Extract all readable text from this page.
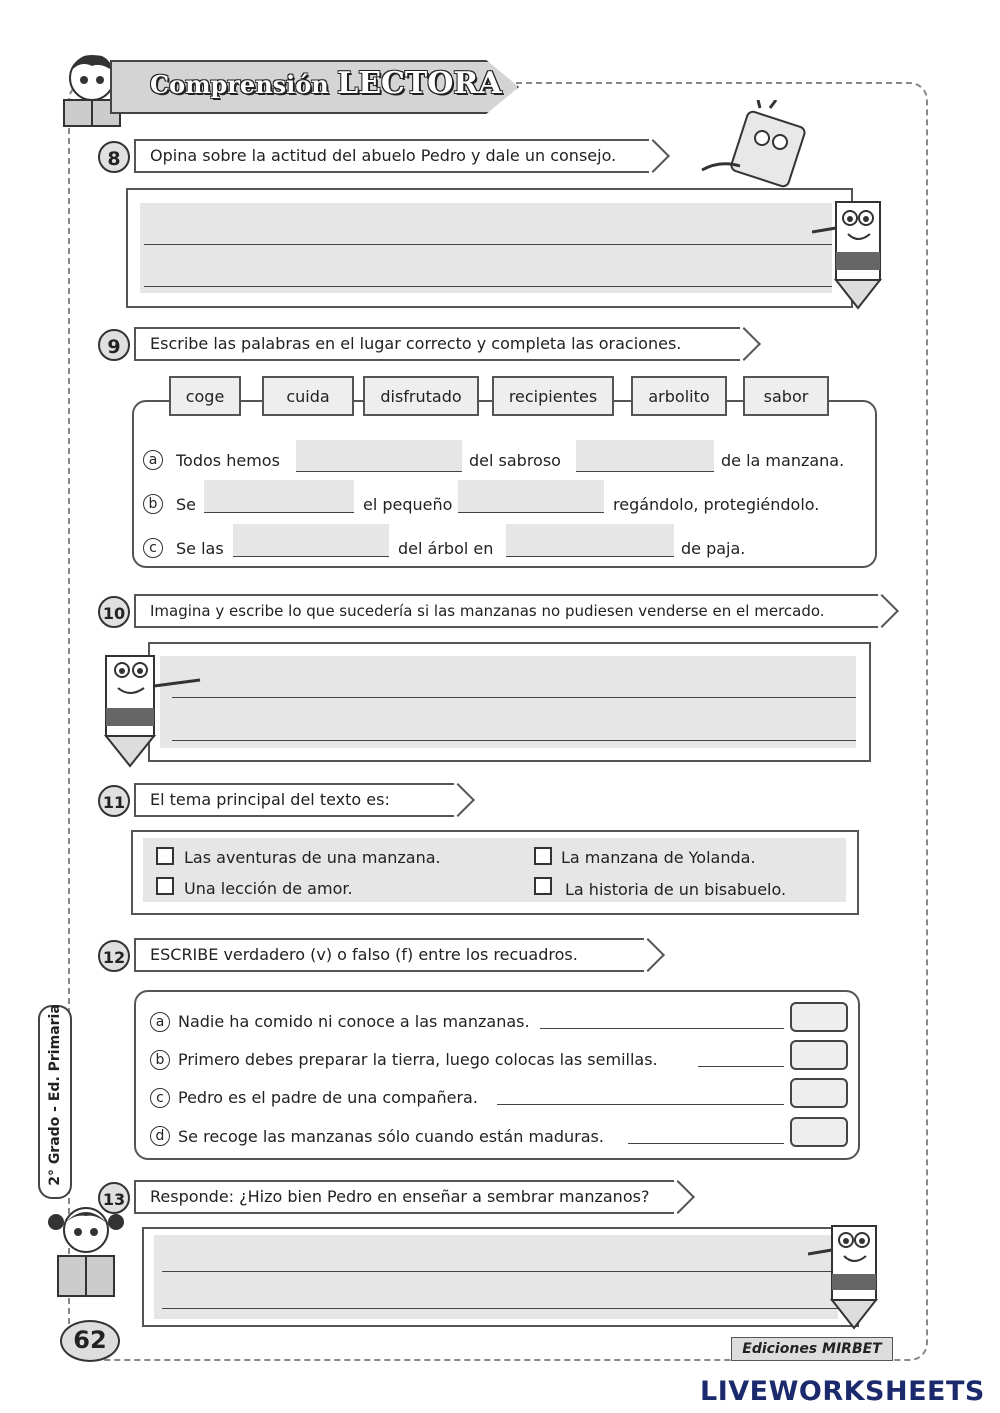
Comprensión LECTORA
8	Opina sobre la actitud del abuelo Pedro y dale un consejo.
9	Escribe las palabras en el lugar correcto y completa las oraciones.
coge	cuida	disfrutado	recipientes	arbolito	sabor
a	Todos hemos	del sabroso	de la manzana.
b	Se	el pequeño	regándolo, protegiéndolo.
c	Se las	del árbol en	de paja.
10	Imagina y escribe lo que sucedería si las manzanas no pudiesen venderse en el mercado.
11	El tema principal del texto es:
Las aventuras de una manzana.	La manzana de Yolanda.
Una lección de amor.	La historia de un bisabuelo.
12	ESCRIBE verdadero (v) o falso (f) entre los recuadros.
a Nadie ha comido ni conoce a las manzanas.
b Primero debes preparar la tierra, luego colocas las semillas.
c Pedro es el padre de una compañera.
d Se recoge las manzanas sólo cuando están maduras.
13	Responde: ¿Hizo bien Pedro en enseñar a sembrar manzanos?
2° Grado - Ed. Primaria
62	Ediciones MIRBET
LIVEWORKSHEETS
